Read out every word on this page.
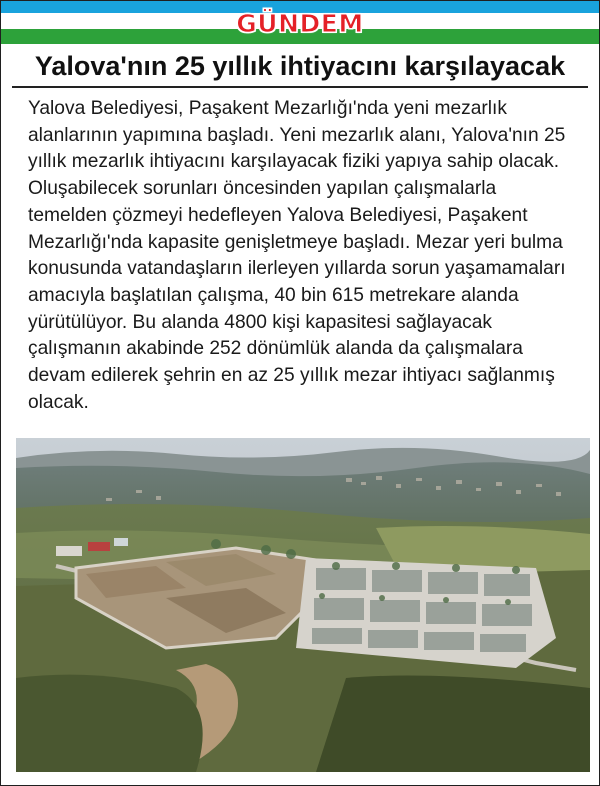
GÜNDEM
Yalova'nın 25 yıllık ihtiyacını karşılayacak

Yalova Belediyesi, Paşakent Mezarlığı'nda yeni mezarlık alanlarının yapımına başladı. Yeni mezarlık alanı, Yalova'nın 25 yıllık mezarlık ihtiyacını karşılayacak fiziki yapıya sahip olacak. Oluşabilecek sorunları öncesinden yapılan çalışmalarla temelden çözmeyi hedefleyen Yalova Belediyesi, Paşakent Mezarlığı'nda kapasite genişletmeye başladı. Mezar yeri bulma konusunda vatandaşların ilerleyen yıllarda sorun yaşamamaları amacıyla başlatılan çalışma, 40 bin 615 metrekare alanda yürütülüyor. Bu alanda 4800 kişi kapasitesi sağlayacak çalışmanın akabinde 252 dönümlük alanda da çalışmalara devam edilerek şehrin en az 25 yıllık mezar ihtiyacı sağlanmış olacak.
